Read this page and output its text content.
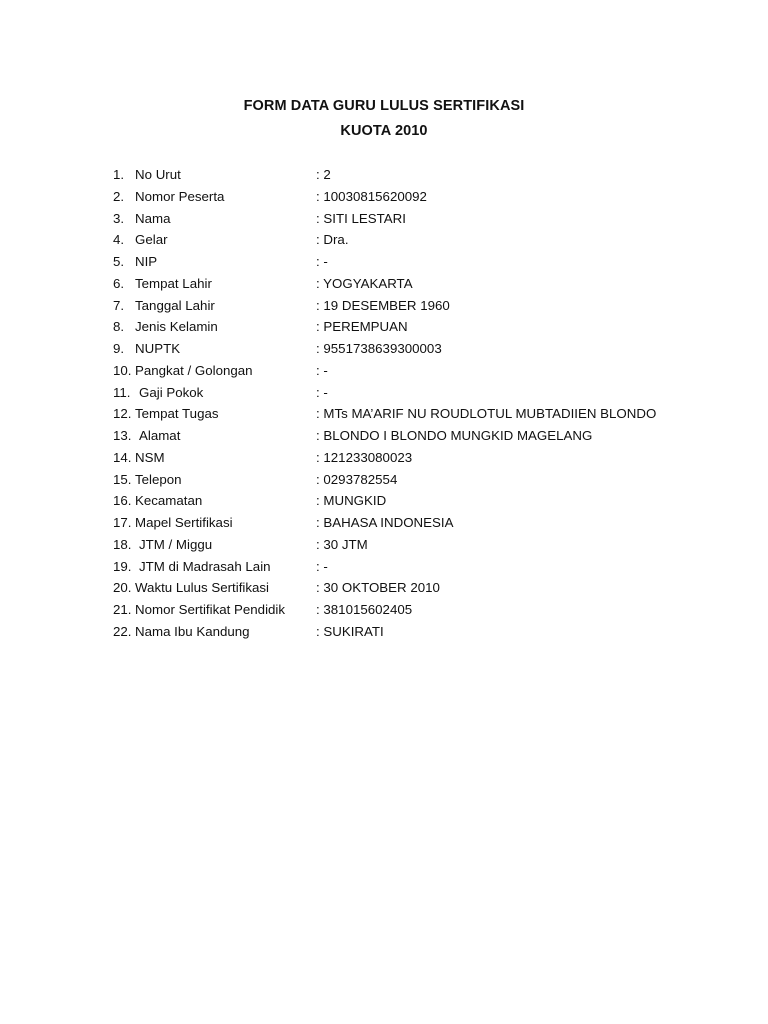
FORM DATA GURU LULUS SERTIFIKASI
KUOTA 2010
1. No Urut	: 2
2. Nomor Peserta	: 10030815620092
3. Nama	: SITI LESTARI
4. Gelar	: Dra.
5. NIP	: -
6. Tempat Lahir	: YOGYAKARTA
7. Tanggal Lahir	: 19 DESEMBER 1960
8. Jenis Kelamin	: PEREMPUAN
9. NUPTK	: 9551738639300003
10. Pangkat / Golongan	: -
11. Gaji Pokok	: -
12. Tempat Tugas	: MTs MA’ARIF NU ROUDLOTUL MUBTADIIEN BLONDO
13. Alamat	: BLONDO I BLONDO MUNGKID MAGELANG
14. NSM	: 121233080023
15. Telepon	: 0293782554
16. Kecamatan	: MUNGKID
17. Mapel Sertifikasi	: BAHASA INDONESIA
18. JTM / Miggu	: 30 JTM
19. JTM di Madrasah Lain	: -
20. Waktu Lulus Sertifikasi	: 30 OKTOBER 2010
21. Nomor Sertifikat Pendidik : 381015602405
22. Nama Ibu Kandung	: SUKIRATI
